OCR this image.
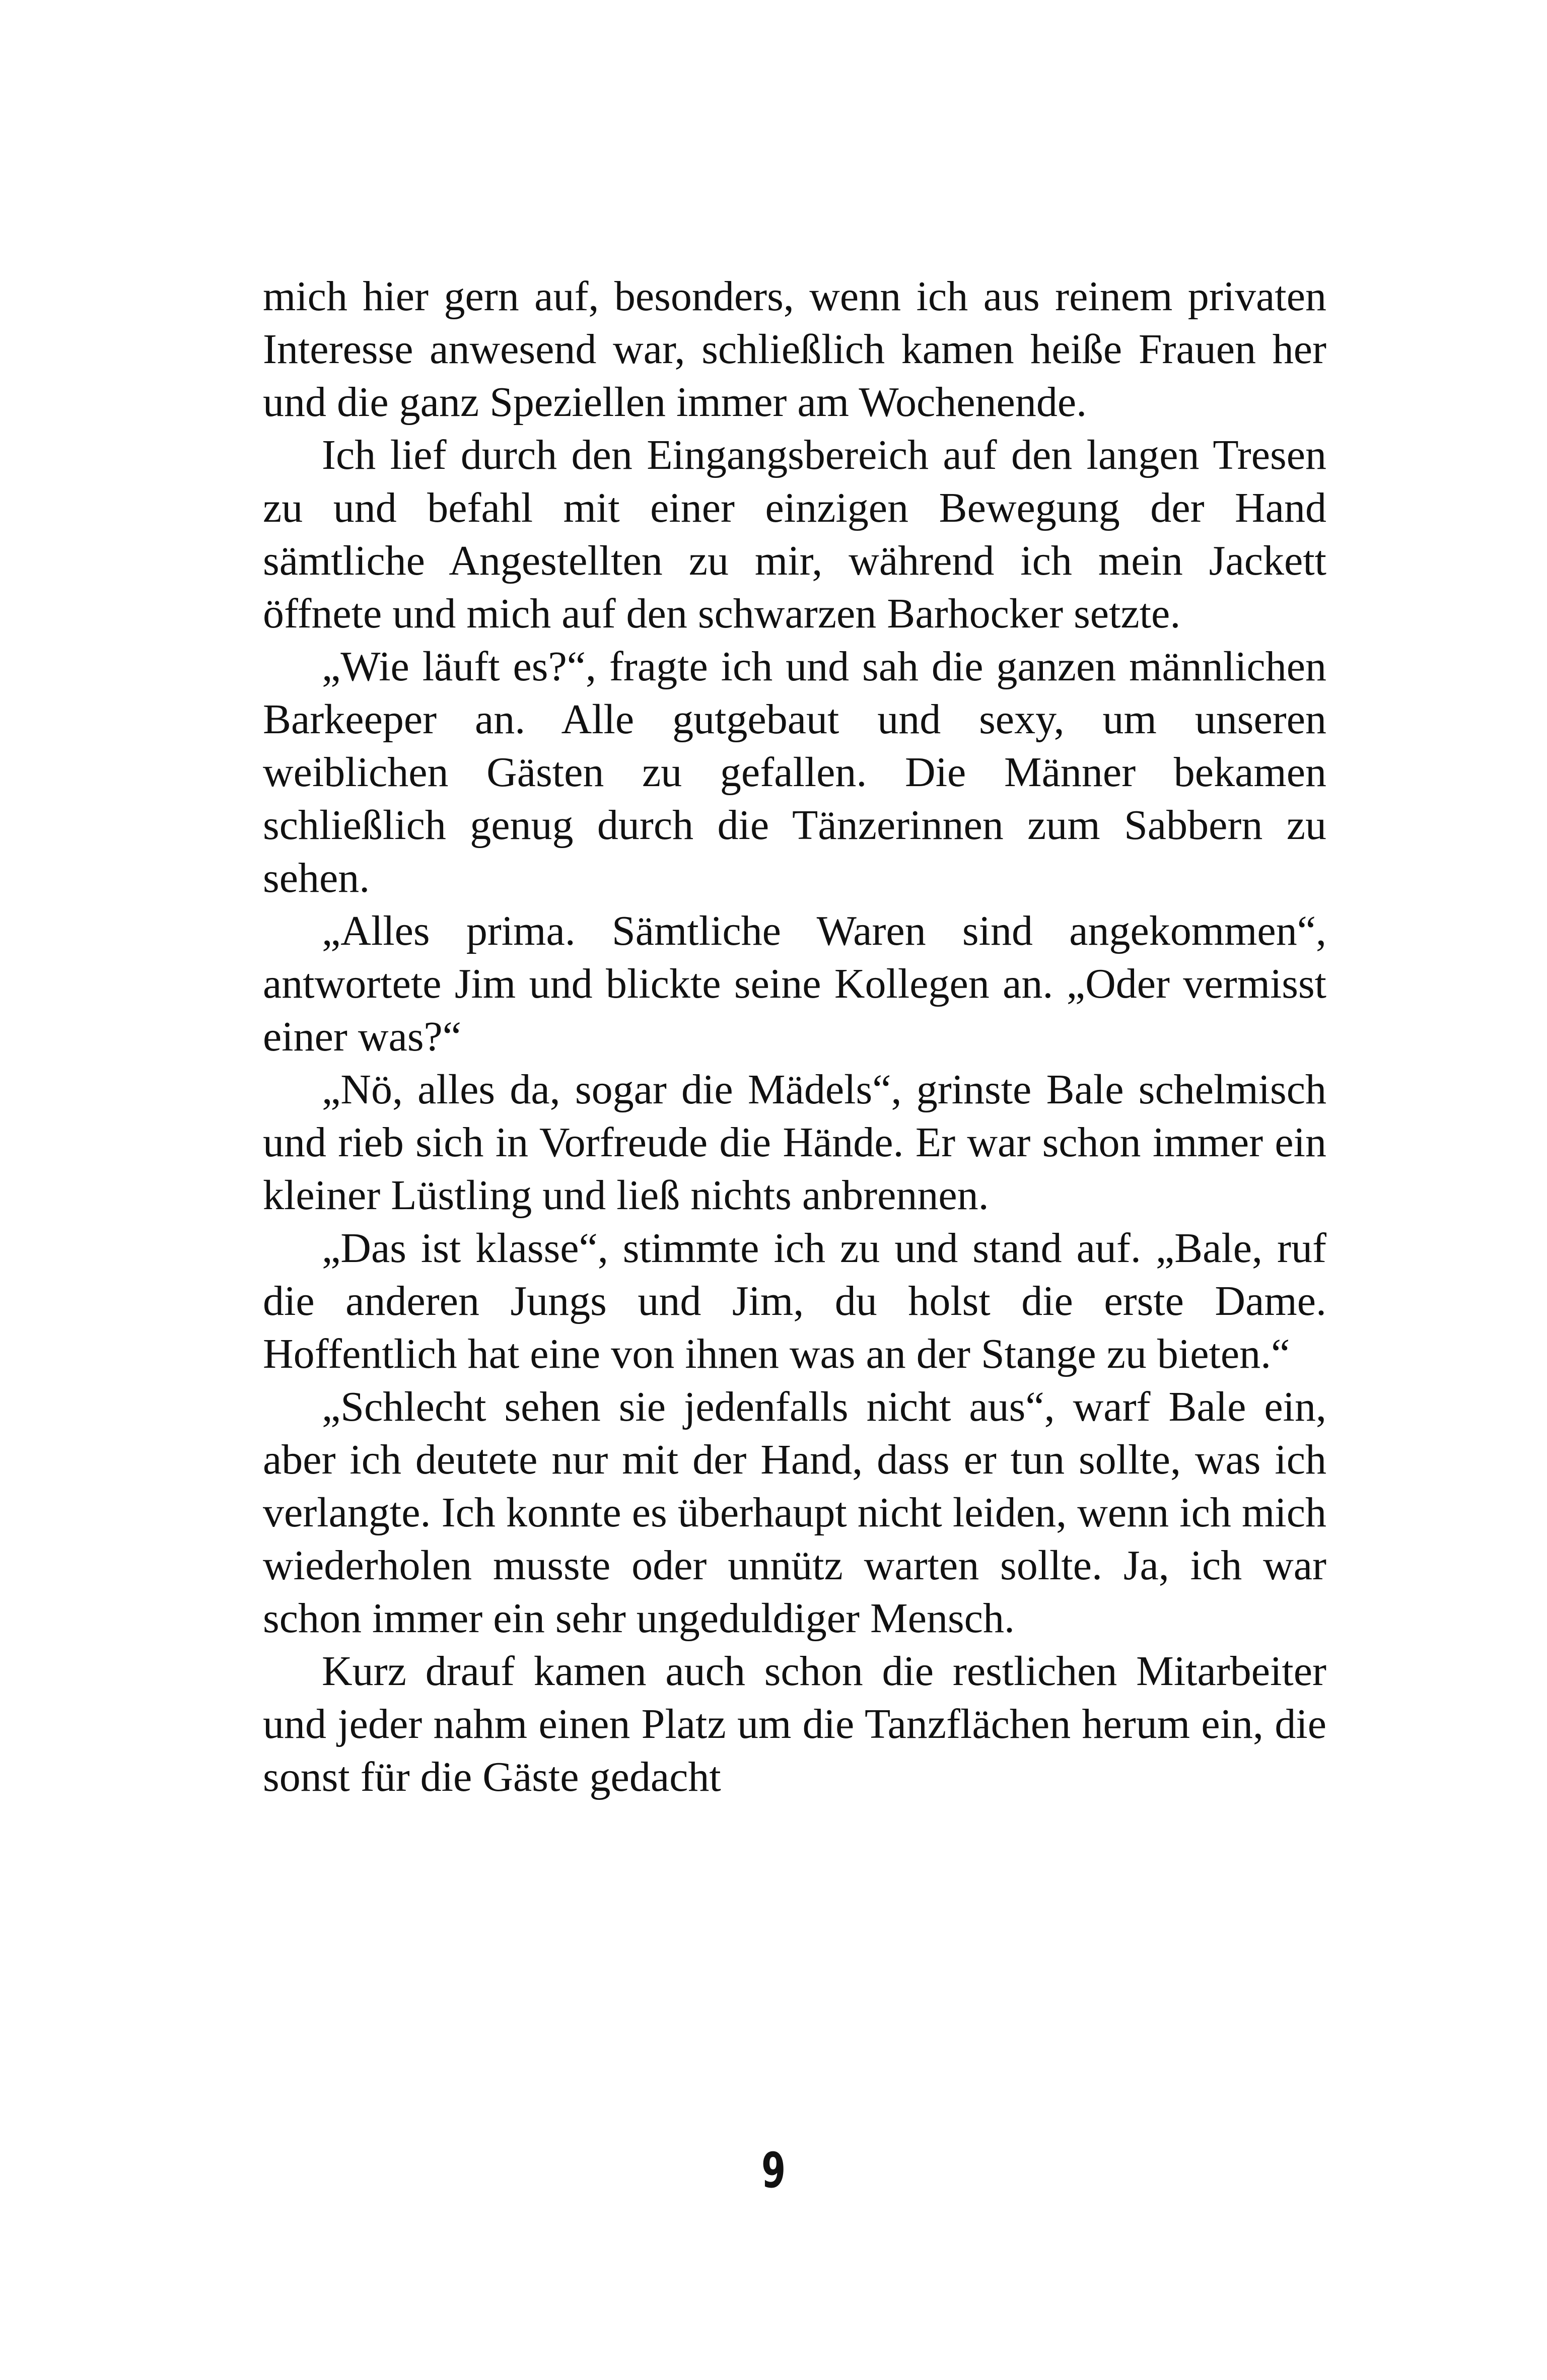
mich hier gern auf, besonders, wenn ich aus reinem privaten Interesse anwesend war, schließlich kamen heiße Frauen her und die ganz Speziellen immer am Wochenende.

Ich lief durch den Eingangsbereich auf den langen Tresen zu und befahl mit einer einzigen Bewegung der Hand sämtliche Angestellten zu mir, während ich mein Jackett öffnete und mich auf den schwarzen Barhocker setzte.

„Wie läuft es?“, fragte ich und sah die ganzen männlichen Barkeeper an. Alle gutgebaut und sexy, um unseren weiblichen Gästen zu gefallen. Die Männer bekamen schließlich genug durch die Tänzerinnen zum Sabbern zu sehen.

„Alles prima. Sämtliche Waren sind angekommen“, antwortete Jim und blickte seine Kollegen an. „Oder vermisst einer was?“

„Nö, alles da, sogar die Mädels“, grinste Bale schelmisch und rieb sich in Vorfreude die Hände. Er war schon immer ein kleiner Lüstling und ließ nichts anbrennen.

„Das ist klasse“, stimmte ich zu und stand auf. „Bale, ruf die anderen Jungs und Jim, du holst die erste Dame. Hoffentlich hat eine von ihnen was an der Stange zu bieten.“

„Schlecht sehen sie jedenfalls nicht aus“, warf Bale ein, aber ich deutete nur mit der Hand, dass er tun sollte, was ich verlangte. Ich konnte es überhaupt nicht leiden, wenn ich mich wiederholen musste oder unnütz warten sollte. Ja, ich war schon immer ein sehr ungeduldiger Mensch.

Kurz drauf kamen auch schon die restlichen Mitarbeiter und jeder nahm einen Platz um die Tanzflächen herum ein, die sonst für die Gäste gedacht

9
